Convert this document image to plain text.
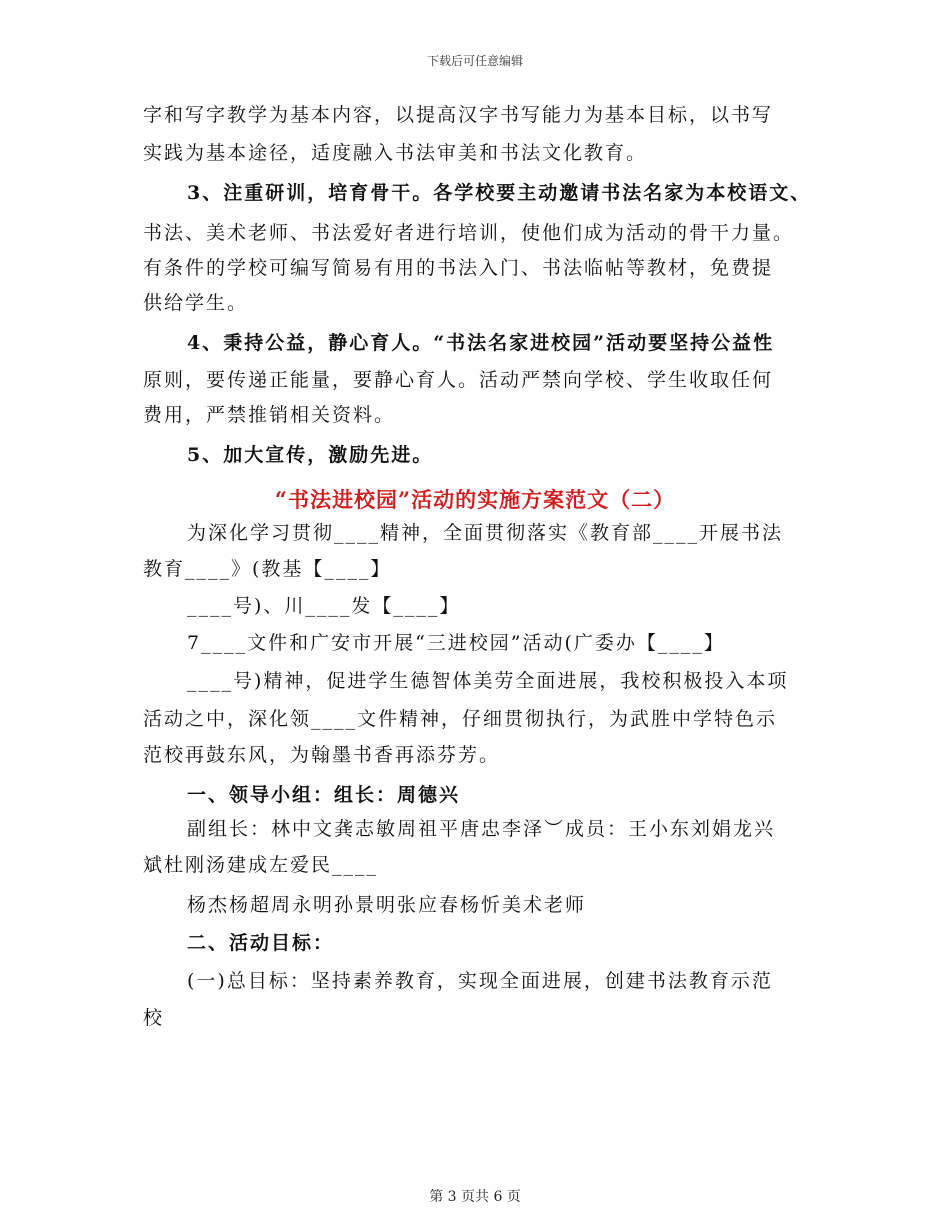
下载后可任意编辑
“书法进校园”活动的实施方案范文（二）
字和写字教学为基本内容，以提高汉字书写能力为基本目标，以书写
实践为基本途径，适度融入书法审美和书法文化教育。
3、注重研训，培育骨干。各学校要主动邀请书法名家为本校语文、
书法、美术老师、书法爱好者进行培训，使他们成为活动的骨干力量。
有条件的学校可编写简易有用的书法入门、书法临帖等教材，免费提
供给学生。
4、秉持公益，静心育人。“书法名家进校园”活动要坚持公益性
原则，要传递正能量，要静心育人。活动严禁向学校、学生收取任何
费用，严禁推销相关资料。
5、加大宣传，激励先进。
为深化学习贯彻____精神，全面贯彻落实《教育部____开展书法
教育____》(教基【____】
____号)、川____发【____】
7____文件和广安市开展“三进校园”活动(广委办【____】
____号)精神，促进学生德智体美劳全面进展，我校积极投入本项
活动之中，深化领____文件精神，仔细贯彻执行，为武胜中学特色示
范校再鼓东风，为翰墨书香再添芬芳。
一、领导小组：组长：周德兴
副组长：林中文龚志敏周祖平唐忠李泽︶成员：王小东刘娟龙兴
斌杜刚汤建成左爱民____
杨杰杨超周永明孙景明张应春杨忻美术老师
二、活动目标：
(一)总目标：坚持素养教育，实现全面进展，创建书法教育示范
校
第 3 页共 6 页
